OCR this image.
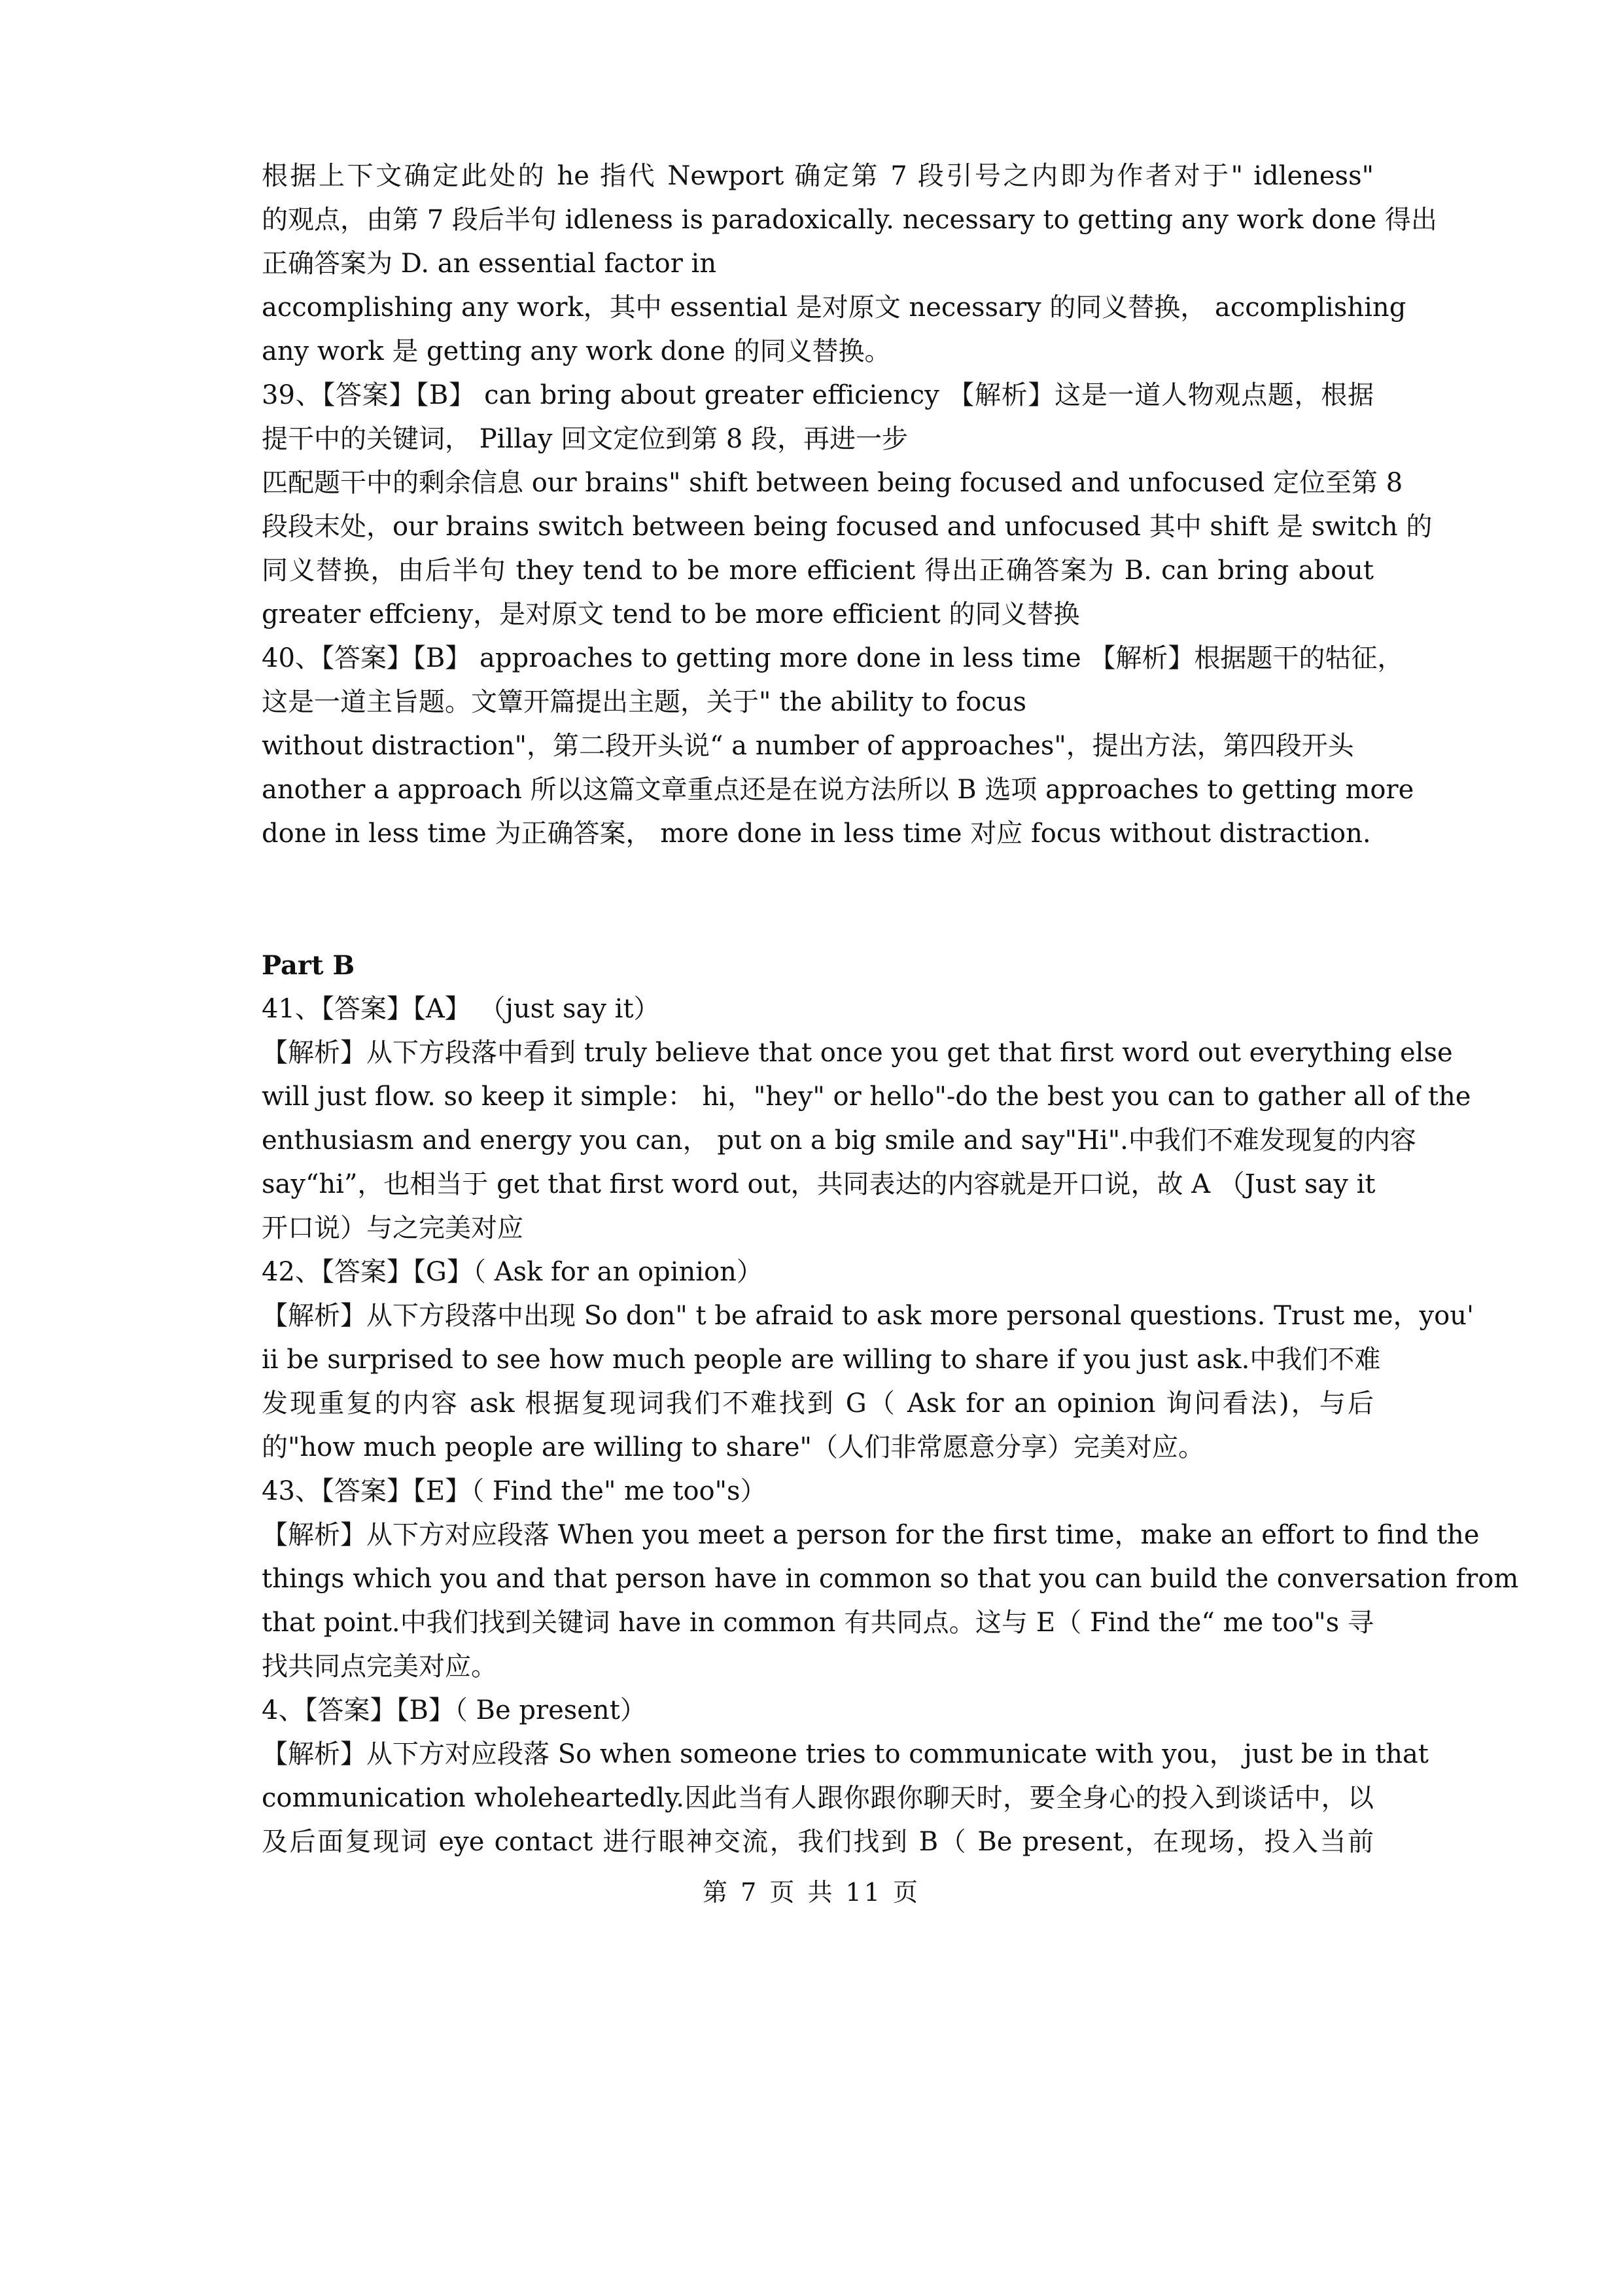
根据上下文确定此处的 he 指代 Newport 确定第 7 段引号之内即为作者对于" idleness"
的观点，由第 7 段后半句 idleness is paradoxically. necessary to getting any work done 得出
正确答案为 D. an essential factor in
accomplishing any work，其中 essential 是对原文 necessary 的同义替换， accomplishing
any work 是 getting any work done 的同义替换。
39、【答案】【B】 can bring about greater efficiency 【解析】这是一道人物观点题，根据
提干中的关键词， Pillay 回文定位到第 8 段，再进一步
匹配题干中的剩余信息 our brains" shift between being focused and unfocused 定位至第 8
段段末处，our brains switch between being focused and unfocused 其中 shift 是 switch 的
同义替换，由后半句 they tend to be more efficient 得出正确答案为 B. can bring about
greater effcieny，是对原文 tend to be more efficient 的同义替换
40、【答案】【B】 approaches to getting more done in less time 【解析】根据题干的牯征，
这是一道主旨题。文簟开篇提出主题，关于" the ability to focus
without distraction"，第二段开头说“ a number of approaches"，提出方法，第四段开头
another a approach 所以这篇文章重点还是在说方法所以 B 选项 approaches to getting more
done in less time 为正确答案， more done in less time 对应 focus without distraction.
Part B
41、【答案】【A】 （just say it）
【解析】从下方段落中看到 truly believe that once you get that first word out everything else
will just flow. so keep it simple： hi，"hey" or hello"-do the best you can to gather all of the
enthusiasm and energy you can， put on a big smile and say"Hi".中我们不难发现复的内容
say“hi”，也相当于 get that first word out，共同表达的内容就是开口说，故 A （Just say it
开口说）与之完美对应
42、【答案】【G】（ Ask for an opinion）
【解析】从下方段落中出现 So don" t be afraid to ask more personal questions. Trust me，you'
ii be surprised to see how much people are willing to share if you just ask.中我们不难
发现重复的内容 ask 根据复现词我们不难找到 G（ Ask for an opinion 询问看法)，与后
的"how much people are willing to share"（人们非常愿意分享）完美对应。
43、【答案】【E】（ Find the" me too"s）
【解析】从下方对应段落 When you meet a person for the first time，make an effort to find the
things which you and that person have in common so that you can build the conversation from
that point.中我们找到关键词 have in common 有共同点。这与 E（ Find the“ me too"s 寻
找共同点完美对应。
4、【答案】【B】（ Be present）
【解析】从下方对应段落 So when someone tries to communicate with you， just be in that
communication wholeheartedly.因此当有人跟你跟你聊天时，要全身心的投入到谈话中，以
及后面复现词 eye contact 进行眼神交流，我们找到 B（ Be present，在现场，投入当前
第 7 页 共 11 页
